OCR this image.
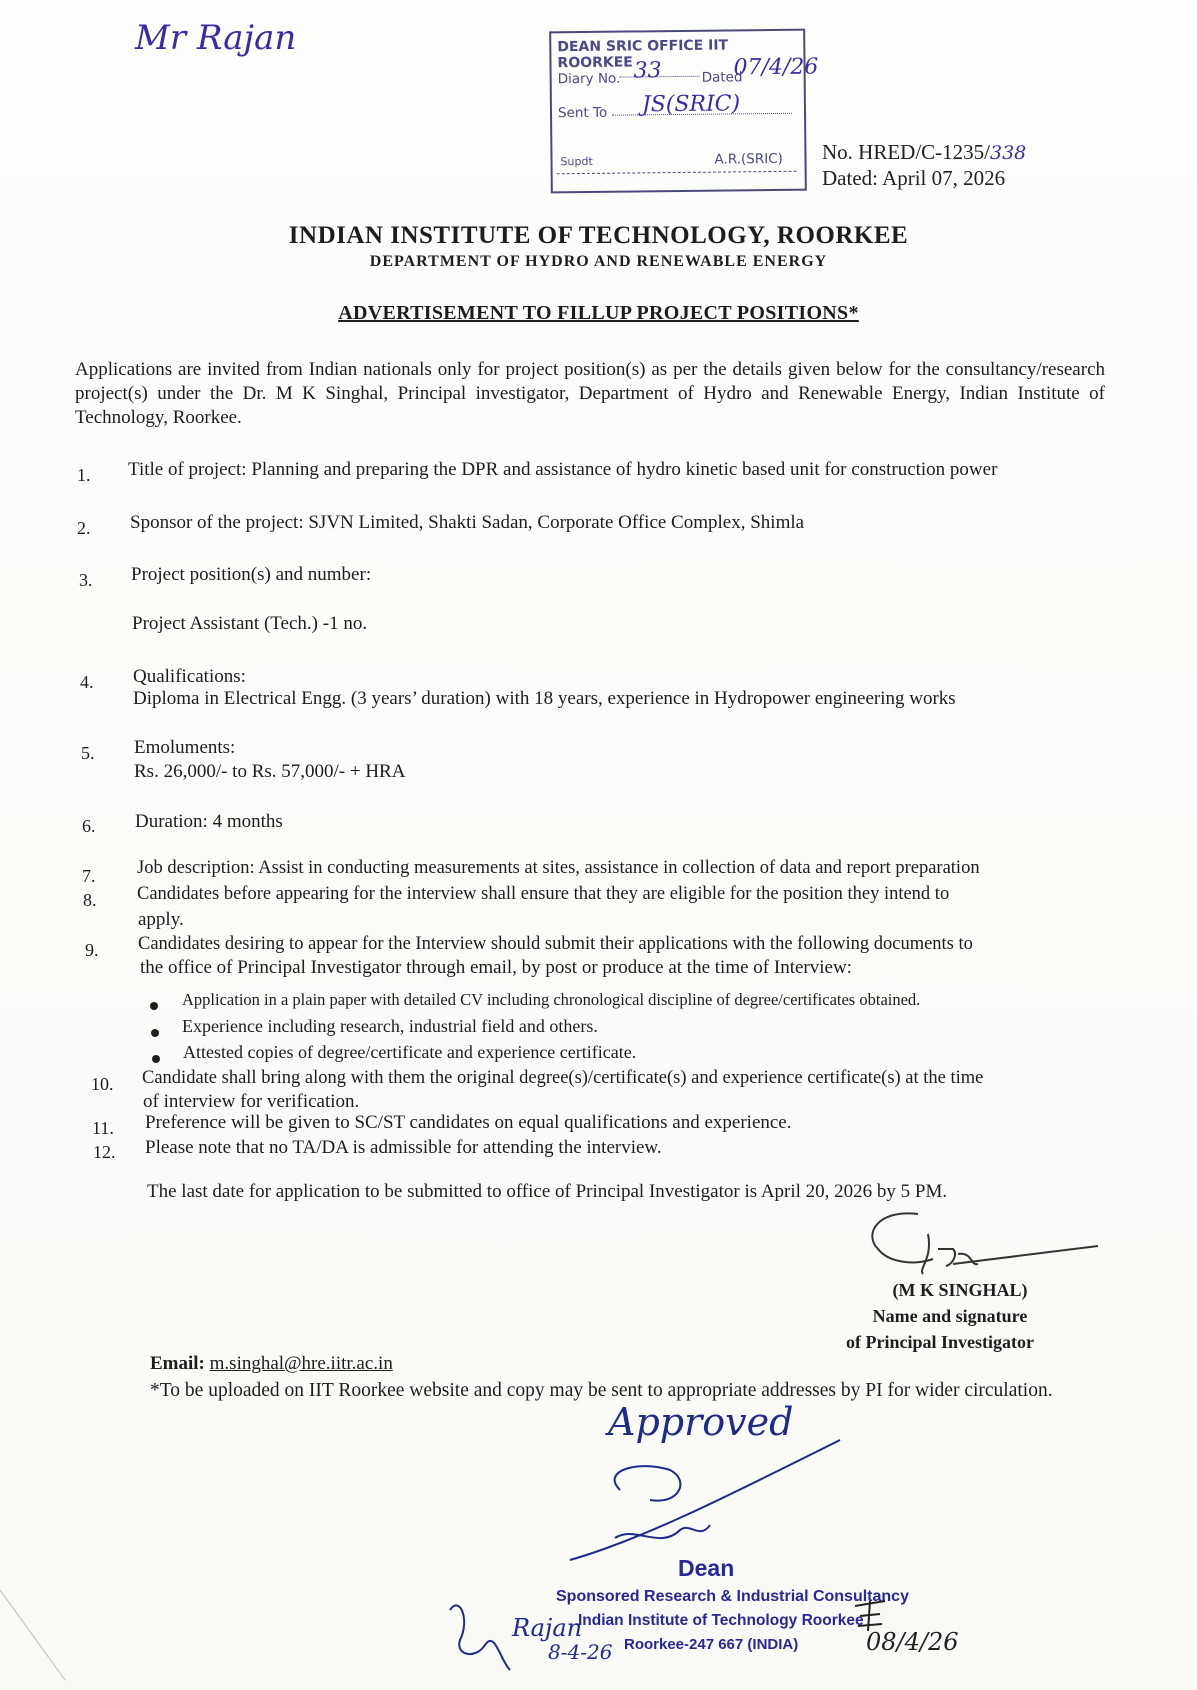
Mr Rajan	DEAN SRIC OFFICE IIT ROORKEE
Diary No. 33	Dated
07/4/26
Sent To JS(SRIC)
Supdt	A.R.(SRIC) No. HRED/C-1235/338
Dated: April 07, 2026
INDIAN INSTITUTE OF TECHNOLOGY, ROORKEE
DEPARTMENT OF HYDRO AND RENEWABLE ENERGY
ADVERTISEMENT TO FILLUP PROJECT POSITIONS*
Applications are invited from Indian nationals only for project position(s) as per the details given below for the consultancy/research project(s) under the Dr. M K Singhal, Principal investigator, Department of Hydro and Renewable Energy, Indian Institute of Technology, Roorkee.
1.	Title of project: Planning and preparing the DPR and assistance of hydro kinetic based unit for construction power
2.	Sponsor of the project: SJVN Limited, Shakti Sadan, Corporate Office Complex, Shimla
3.	Project position(s) and number:
Project Assistant (Tech.) -1 no.
4.	Qualifications:
Diploma in Electrical Engg. (3 years’ duration) with 18 years, experience in Hydropower engineering works
5.	Emoluments:
Rs. 26,000/- to Rs. 57,000/- + HRA
6.	Duration: 4 months
7.	Job description: Assist in conducting measurements at sites, assistance in collection of data and report preparation
8.	Candidates before appearing for the interview shall ensure that they are eligible for the position they intend to
apply.
9.	Candidates desiring to appear for the Interview should submit their applications with the following documents to
the office of Principal Investigator through email, by post or produce at the time of Interview:
Application in a plain paper with detailed CV including chronological discipline of degree/certificates obtained.
Experience including research, industrial field and others.
Attested copies of degree/certificate and experience certificate.
10.	Candidate shall bring along with them the original degree(s)/certificate(s) and experience certificate(s) at the time
of interview for verification.
11.	Preference will be given to SC/ST candidates on equal qualifications and experience.
12.	Please note that no TA/DA is admissible for attending the interview.
The last date for application to be submitted to office of Principal Investigator is April 20, 2026 by 5 PM.
(M K SINGHAL)
Name and signature
of Principal Investigator
Email: m.singhal@hre.iitr.ac.in
*To be uploaded on IIT Roorkee website and copy may be sent to appropriate addresses by PI for wider circulation.
Approved
Dean
Sponsored Research & Industrial Consultancy
Indian Institute of Technology Roorkee
Roorkee-247 667 (INDIA)	08/4/26
Rajan
8-4-26
